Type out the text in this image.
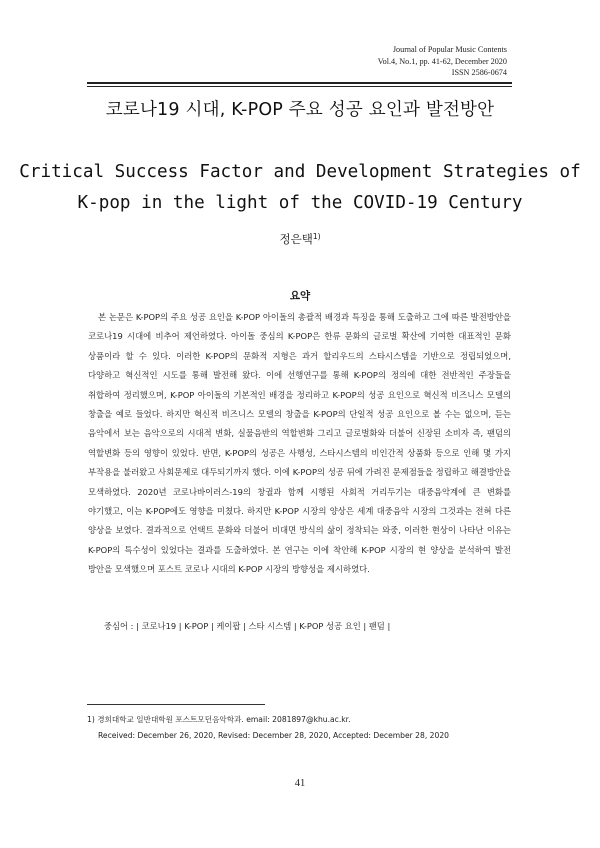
Journal of Popular Music Contents
Vol.4, No.1, pp. 41-62, December 2020
ISSN 2586-0674
코로나19 시대, K-POP 주요 성공 요인과 발전방안
Critical Success Factor and Development Strategies of
K-pop in the light of the COVID-19 Century
정은택$^{1)}$
요약
본 논문은 K-POP의 주요 성공 요인을 K-POP 아이돌의 총괄적 배경과 특징을 통해 도출하고 그에 따른 발전방안을 코로나19 시대에 비추어 제언하였다. 아이돌 중심의 K-POP은 한류 문화의 글로벌 확산에 기여한 대표적인 문화 상품이라 할 수 있다. 이러한 K-POP의 문화적 지형은 과거 할리우드의 스타시스템을 기반으로 정립되었으며, 다양하고 혁신적인 시도를 통해 발전해 왔다. 이에 선행연구를 통해 K-POP의 정의에 대한 전반적인 주장들을 취합하여 정리했으며, K-POP 아이돌의 기본적인 배경을 정리하고 K-POP의 성공 요인으로 혁신적 비즈니스 모델의 창출을 예로 들었다. 하지만 혁신적 비즈니스 모델의 창출을 K-POP의 단일적 성공 요인으로 볼 수는 없으며, 듣는 음악에서 보는 음악으로의 시대적 변화, 실물음반의 역할변화 그리고 글로벌화와 더불어 신장된 소비자 즉, 팬덤의 역할변화 등의 영향이 있었다. 반면, K-POP의 성공은 사행성, 스타시스템의 비인간적 상품화 등으로 인해 몇 가지 부작용을 불러왔고 사회문제로 대두되기까지 했다. 이에 K-POP의 성공 뒤에 가려진 문제점들을 정립하고 해결방안을 모색하였다. 2020년 코로나바이러스-19의 창궐과 함께 시행된 사회적 거리두기는 대중음악계에 큰 변화를 야기했고, 이는 K-POP에도 영향을 미쳤다. 하지만 K-POP 시장의 양상은 세계 대중음악 시장의 그것과는 전혀 다른 양상을 보였다. 결과적으로 언택트 문화와 더불어 비대면 방식의 삶이 정착되는 와중, 이러한 현상이 나타난 이유는 K-POP의 특수성이 있었다는 결과를 도출하였다. 본 연구는 이에 착안해 K-POP 시장의 현 양상을 분석하여 발전 방안을 모색했으며 포스트 코로나 시대의 K-POP 시장의 방향성을 제시하였다.
중심어 : | 코로나19 | K-POP | 케이팝 | 스타 시스템 | K-POP 성공 요인 | 팬덤 |
1) 경희대학교 일반대학원 포스트모던음악학과. email: 2081897@khu.ac.kr.
Received: December 26, 2020, Revised: December 28, 2020, Accepted: December 28, 2020
41
